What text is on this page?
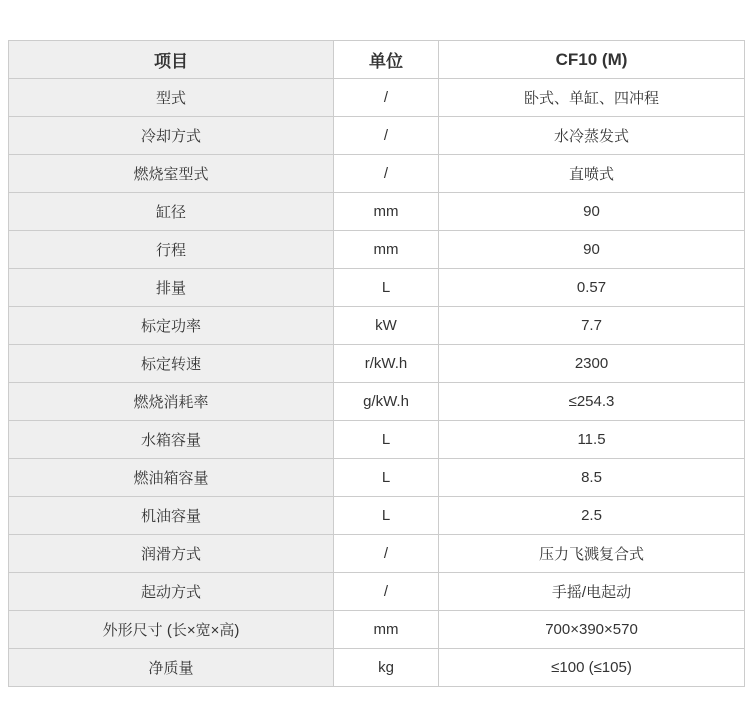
项目	单位	CF10 (M)
型式	/	卧式、单缸、四冲程
冷却方式	/	水冷蒸发式
燃烧室型式	/	直喷式
缸径	mm	90
行程	mm	90
排量	L	0.57
标定功率	kW	7.7
标定转速	r/kW.h	2300
燃烧消耗率	g/kW.h	≤254.3
水箱容量	L	11.5
燃油箱容量	L	8.5
机油容量	L	2.5
润滑方式	/	压力飞溅复合式
起动方式	/	手摇/电起动
外形尺寸 (长×宽×高)	mm	700×390×570
净质量	kg	≤100 (≤105)
